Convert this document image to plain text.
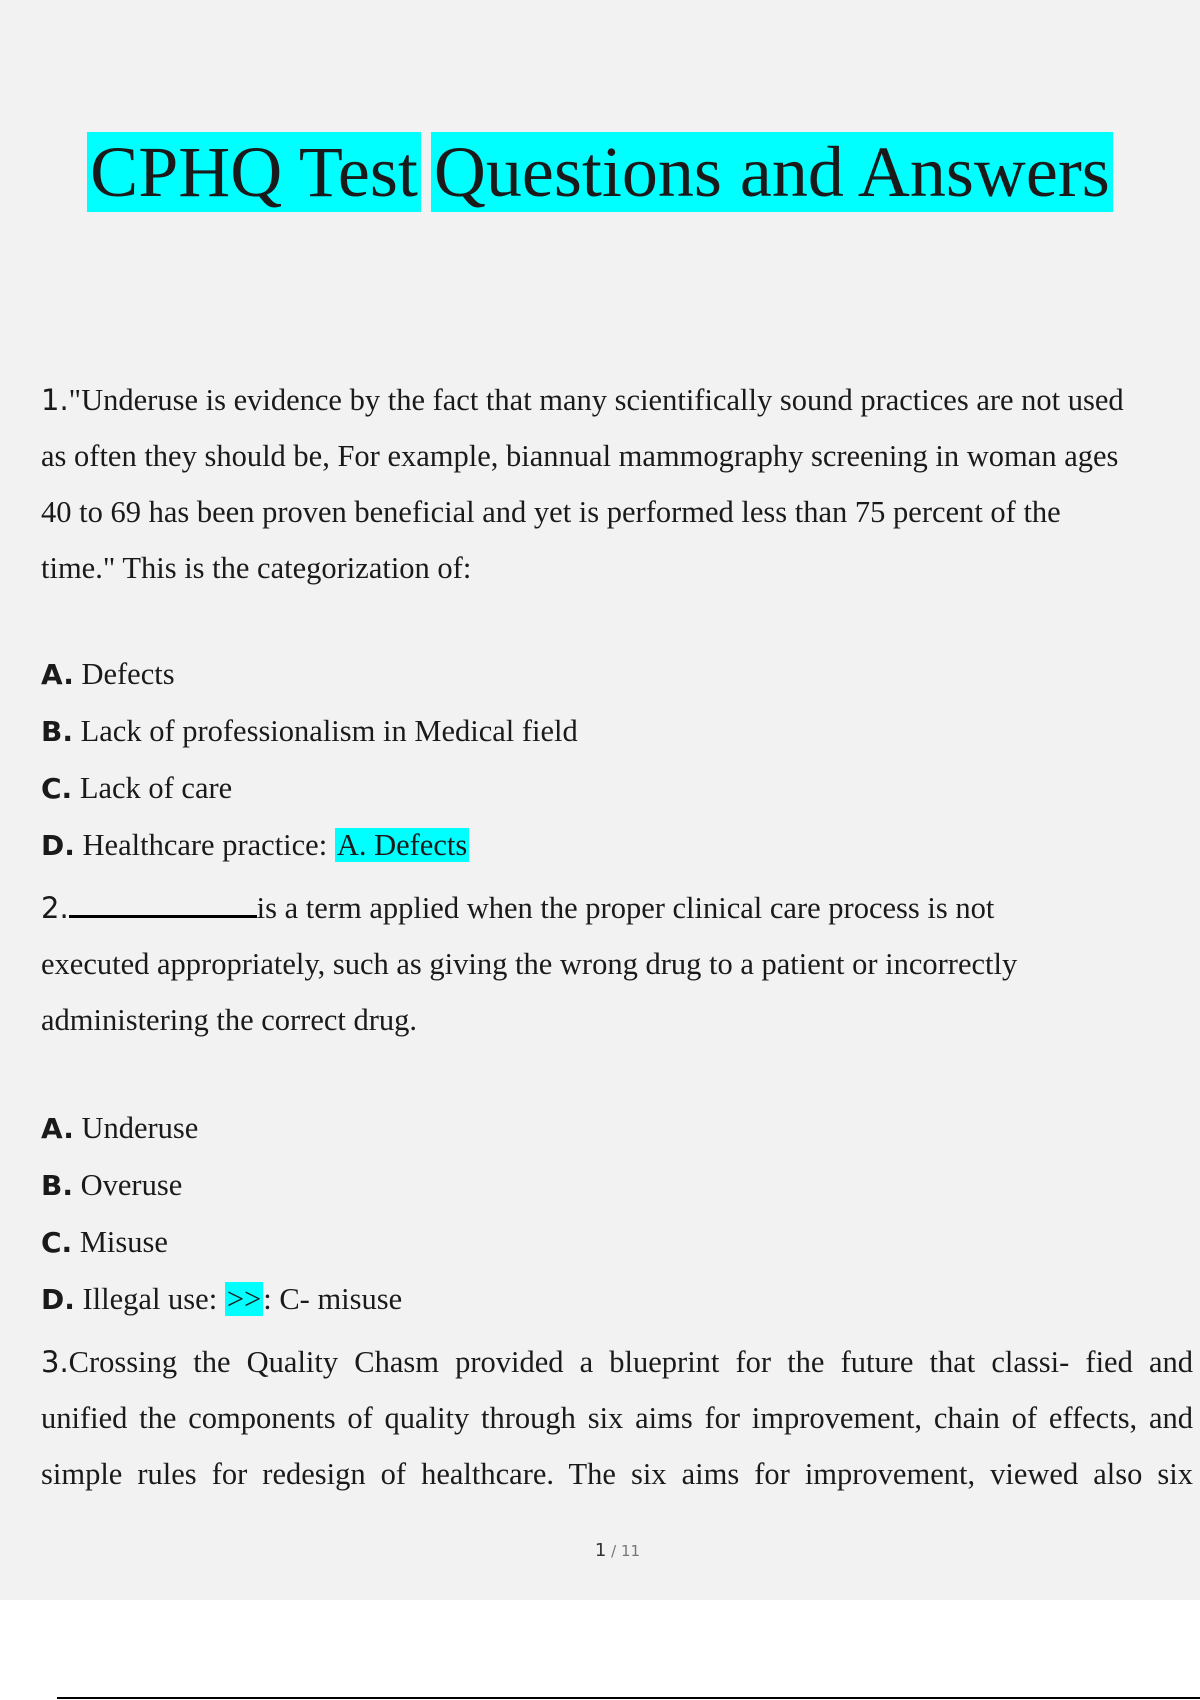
CPHQ Test Questions and Answers

1."Underuse is evidence by the fact that many scientifically sound practices are not used

as often they should be, For example, biannual mammography screening in woman ages

40 to 69 has been proven beneficial and yet is performed less than 75 percent of the

time." This is the categorization of:

A. Defects

B. Lack of professionalism in Medical field

C. Lack of care

D. Healthcare practice: A. Defects

2.	is a term applied when the proper clinical care process is not

executed appropriately, such as giving the wrong drug to a patient or incorrectly

administering the correct drug.

A. Underuse

B. Overuse

C. Misuse

D. Illegal use: >>: C- misuse

3.Crossing the Quality Chasm provided a blueprint for the future that classi- fied and

unified the components of quality through six aims for improvement, chain of effects, and

simple rules for redesign of healthcare. The six aims for improvement, viewed also six

1 / 11
